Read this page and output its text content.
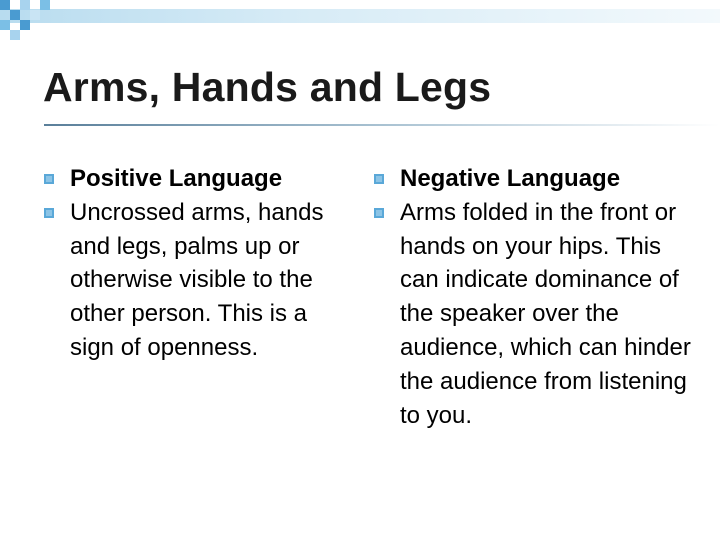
Arms, Hands and Legs
Positive Language
Uncrossed arms, hands and legs, palms up or otherwise visible to the other person. This is a sign of openness.
Negative Language
Arms folded in the front or hands on your hips. This can indicate dominance of the speaker over the audience, which can hinder the audience from listening to you.
